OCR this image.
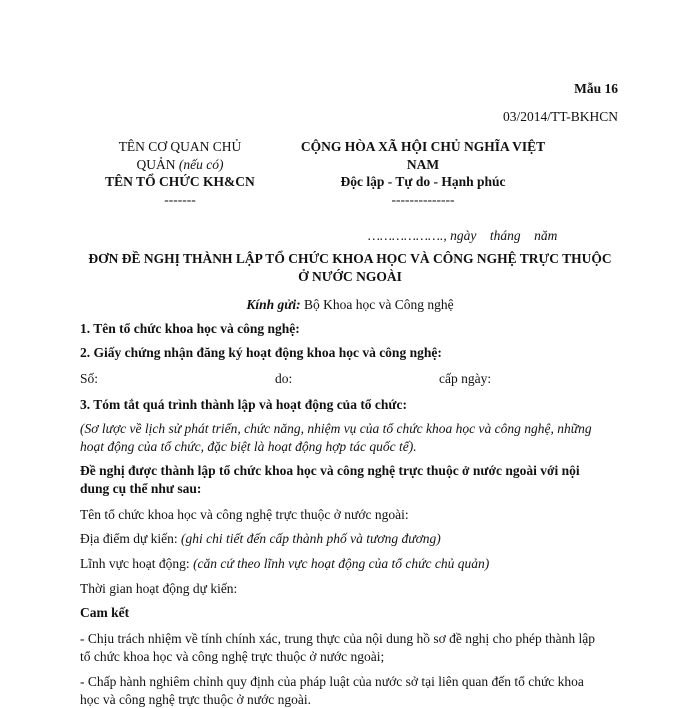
Mẫu 16
03/2014/TT-BKHCN
TÊN CƠ QUAN CHỦ
QUẢN (nếu có)
TÊN TỔ CHỨC KH&CN
-------
CỘNG HÒA XÃ HỘI CHỦ NGHĨA VIỆT
NAM
Độc lập - Tự do - Hạnh phúc
--------------
………………., ngày    tháng    năm
ĐƠN ĐỀ NGHỊ THÀNH LẬP TỔ CHỨC KHOA HỌC VÀ CÔNG NGHỆ TRỰC THUỘC
Ở NƯỚC NGOÀI
Kính gửi: Bộ Khoa học và Công nghệ
1. Tên tổ chức khoa học và công nghệ:
2. Giấy chứng nhận đăng ký hoạt động khoa học và công nghệ:
Số:	do:	cấp ngày:
3. Tóm tắt quá trình thành lập và hoạt động của tổ chức:
(Sơ lược về lịch sử phát triển, chức năng, nhiệm vụ của tổ chức khoa học và công nghệ, những
hoạt động của tổ chức, đặc biệt là hoạt động hợp tác quốc tế).
Đề nghị được thành lập tổ chức khoa học và công nghệ trực thuộc ở nước ngoài với nội
dung cụ thể như sau:
Tên tổ chức khoa học và công nghệ trực thuộc ở nước ngoài:
Địa điểm dự kiến: (ghi chi tiết đến cấp thành phố và tương đương)
Lĩnh vực hoạt động: (căn cứ theo lĩnh vực hoạt động của tổ chức chủ quản)
Thời gian hoạt động dự kiến:
Cam kết
- Chịu trách nhiệm về tính chính xác, trung thực của nội dung hồ sơ đề nghị cho phép thành lập
tổ chức khoa học và công nghệ trực thuộc ở nước ngoài;
- Chấp hành nghiêm chỉnh quy định của pháp luật của nước sở tại liên quan đến tổ chức khoa
học và công nghệ trực thuộc ở nước ngoài.
